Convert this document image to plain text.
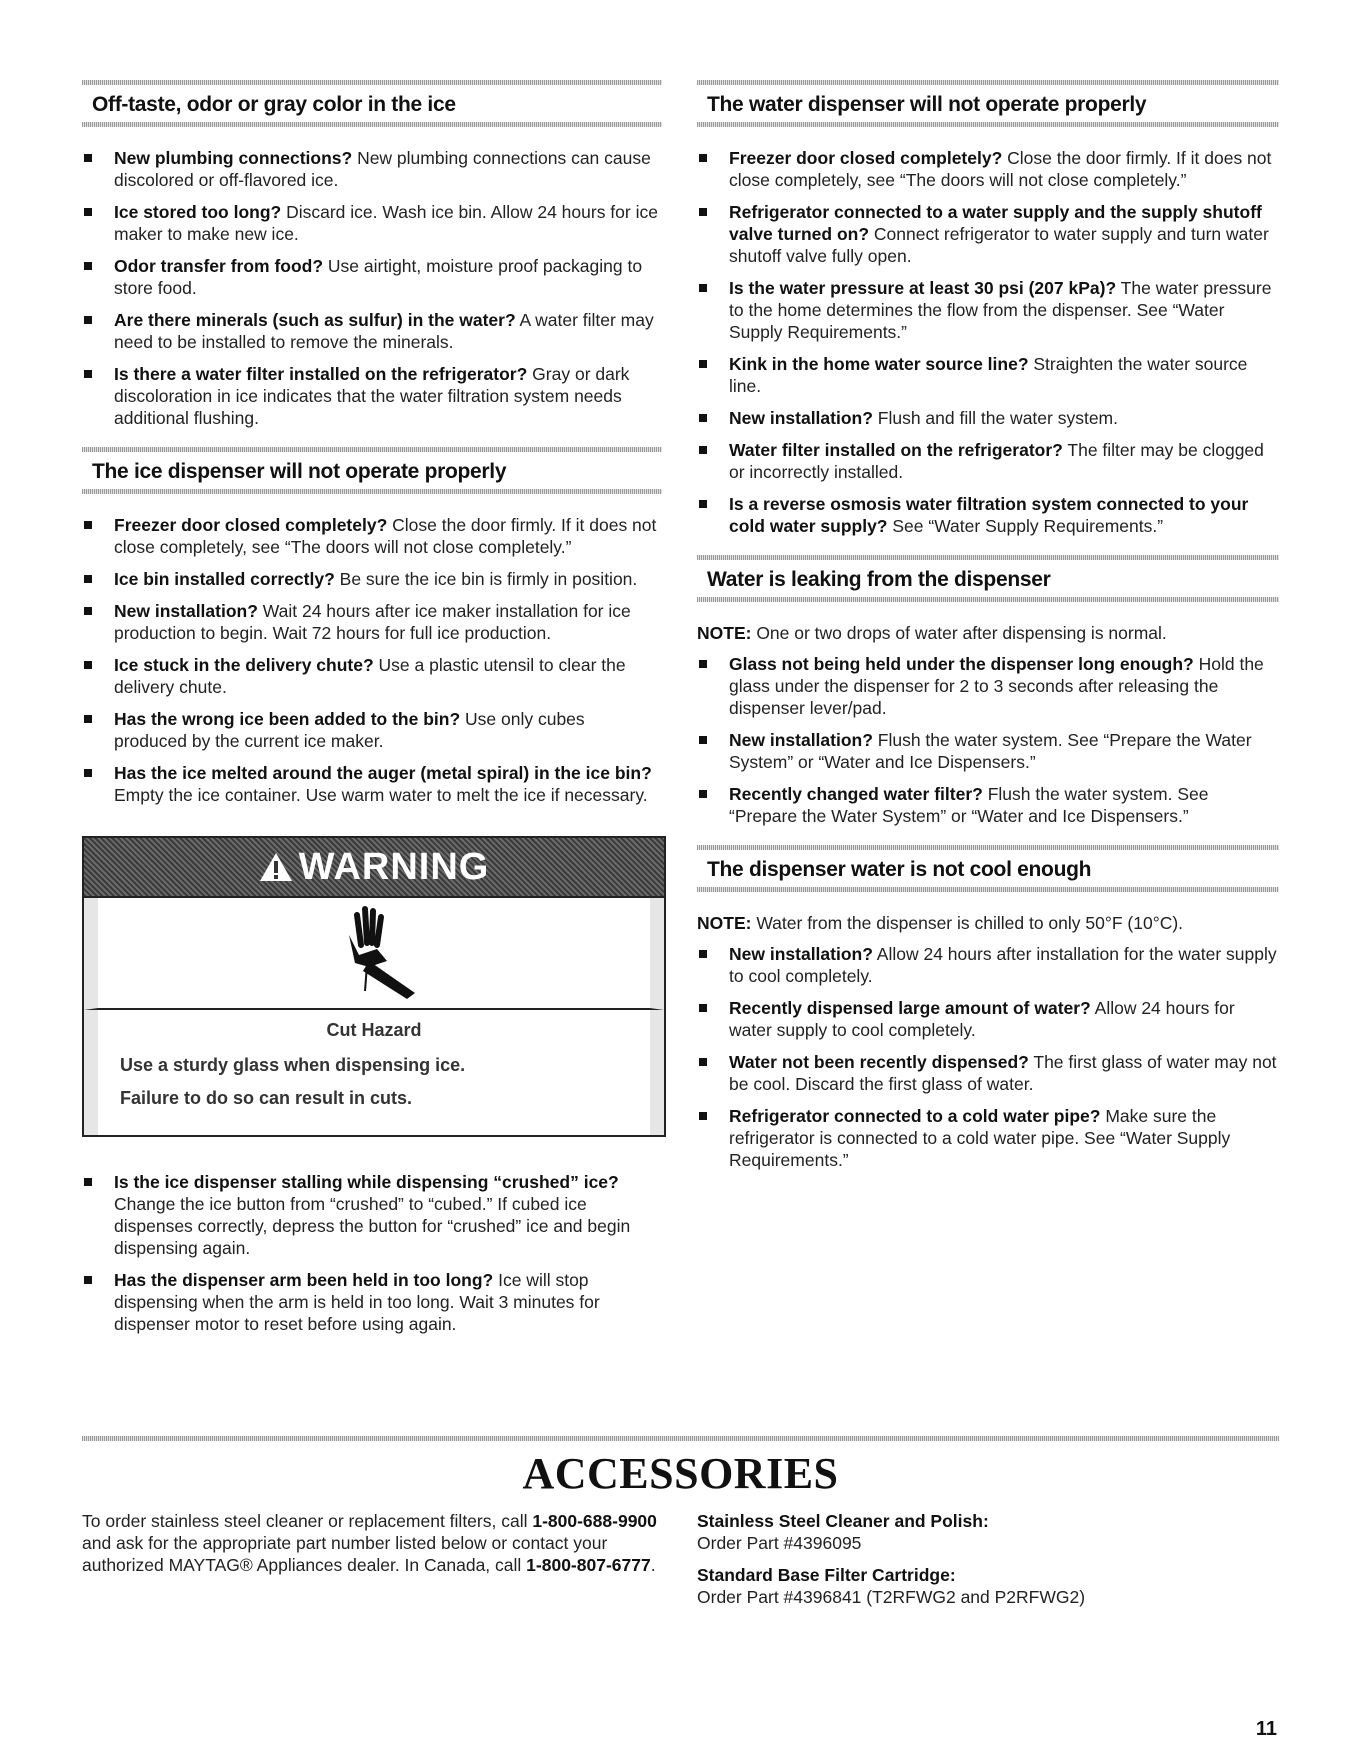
Off-taste, odor or gray color in the ice
New plumbing connections? New plumbing connections can cause discolored or off-flavored ice.
Ice stored too long? Discard ice. Wash ice bin. Allow 24 hours for ice maker to make new ice.
Odor transfer from food? Use airtight, moisture proof packaging to store food.
Are there minerals (such as sulfur) in the water? A water filter may need to be installed to remove the minerals.
Is there a water filter installed on the refrigerator? Gray or dark discoloration in ice indicates that the water filtration system needs additional flushing.
The ice dispenser will not operate properly
Freezer door closed completely? Close the door firmly. If it does not close completely, see “The doors will not close completely.”
Ice bin installed correctly? Be sure the ice bin is firmly in position.
New installation? Wait 24 hours after ice maker installation for ice production to begin. Wait 72 hours for full ice production.
Ice stuck in the delivery chute? Use a plastic utensil to clear the delivery chute.
Has the wrong ice been added to the bin? Use only cubes produced by the current ice maker.
Has the ice melted around the auger (metal spiral) in the ice bin? Empty the ice container. Use warm water to melt the ice if necessary.
WARNING
Cut Hazard
Use a sturdy glass when dispensing ice.
Failure to do so can result in cuts.
Is the ice dispenser stalling while dispensing “crushed” ice? Change the ice button from “crushed” to “cubed.” If cubed ice dispenses correctly, depress the button for “crushed” ice and begin dispensing again.
Has the dispenser arm been held in too long? Ice will stop dispensing when the arm is held in too long. Wait 3 minutes for dispenser motor to reset before using again.
The water dispenser will not operate properly
Freezer door closed completely? Close the door firmly. If it does not close completely, see “The doors will not close completely.”
Refrigerator connected to a water supply and the supply shutoff valve turned on? Connect refrigerator to water supply and turn water shutoff valve fully open.
Is the water pressure at least 30 psi (207 kPa)? The water pressure to the home determines the flow from the dispenser. See “Water Supply Requirements.”
Kink in the home water source line? Straighten the water source line.
New installation? Flush and fill the water system.
Water filter installed on the refrigerator? The filter may be clogged or incorrectly installed.
Is a reverse osmosis water filtration system connected to your cold water supply? See “Water Supply Requirements.”
Water is leaking from the dispenser

NOTE: One or two drops of water after dispensing is normal.

Glass not being held under the dispenser long enough? Hold the glass under the dispenser for 2 to 3 seconds after releasing the dispenser lever/pad.
New installation? Flush the water system. See “Prepare the Water System” or “Water and Ice Dispensers.”
Recently changed water filter? Flush the water system. See “Prepare the Water System” or “Water and Ice Dispensers.”
The dispenser water is not cool enough

NOTE: Water from the dispenser is chilled to only 50°F (10°C).

New installation? Allow 24 hours after installation for the water supply to cool completely.
Recently dispensed large amount of water? Allow 24 hours for water supply to cool completely.
Water not been recently dispensed? The first glass of water may not be cool. Discard the first glass of water.
Refrigerator connected to a cold water pipe? Make sure the refrigerator is connected to a cold water pipe. See “Water Supply Requirements.”
ACCESSORIES
To order stainless steel cleaner or replacement filters, call 1-800-688-9900 and ask for the appropriate part number listed below or contact your authorized MAYTAG® Appliances dealer. In Canada, call 1-800-807-6777.
Stainless Steel Cleaner and Polish:
Order Part #4396095
Standard Base Filter Cartridge:
Order Part #4396841 (T2RFWG2 and P2RFWG2)
11
